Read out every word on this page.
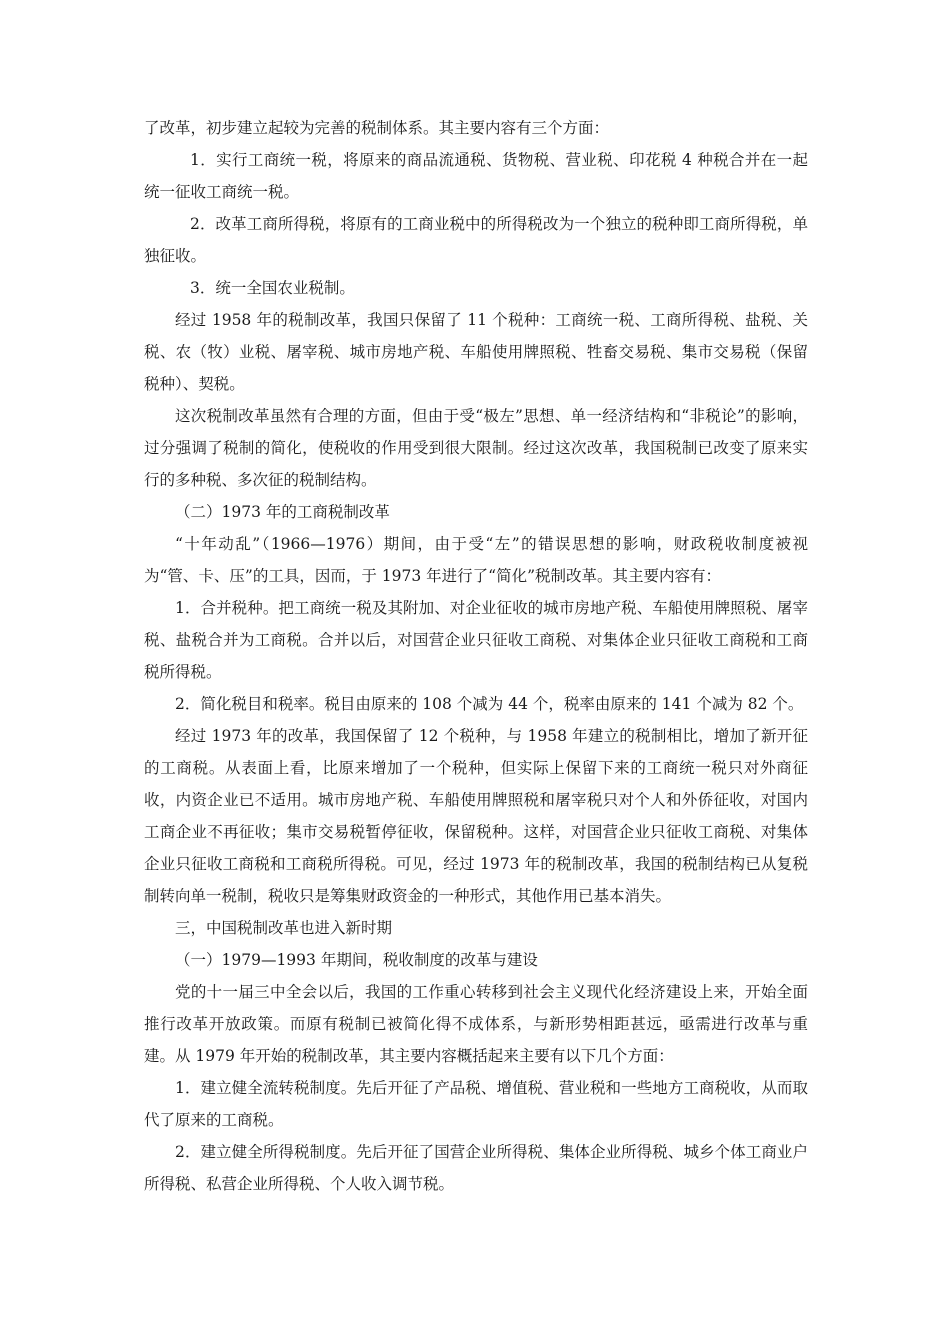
了改革，初步建立起较为完善的税制体系。其主要内容有三个方面：

1．实行工商统一税，将原来的商品流通税、货物税、营业税、印花税 4 种税合并在一起统一征收工商统一税。

2．改革工商所得税，将原有的工商业税中的所得税改为一个独立的税种即工商所得税，单独征收。

3．统一全国农业税制。

经过 1958 年的税制改革，我国只保留了 11 个税种：工商统一税、工商所得税、盐税、关税、农（牧）业税、屠宰税、城市房地产税、车船使用牌照税、牲畜交易税、集市交易税（保留税种）、契税。

这次税制改革虽然有合理的方面，但由于受“极左”思想、单一经济结构和“非税论”的影响，过分强调了税制的简化，使税收的作用受到很大限制。经过这次改革，我国税制已改变了原来实行的多种税、多次征的税制结构。

（二）1973 年的工商税制改革

“十年动乱”（1966—1976）期间，由于受“左”的错误思想的影响，财政税收制度被视为“管、卡、压”的工具，因而，于 1973 年进行了“简化”税制改革。其主要内容有：

1．合并税种。把工商统一税及其附加、对企业征收的城市房地产税、车船使用牌照税、屠宰税、盐税合并为工商税。合并以后，对国营企业只征收工商税、对集体企业只征收工商税和工商税所得税。

2．简化税目和税率。税目由原来的 108 个减为 44 个，税率由原来的 141 个减为 82 个。

经过 1973 年的改革，我国保留了 12 个税种，与 1958 年建立的税制相比，增加了新开征的工商税。从表面上看，比原来增加了一个税种，但实际上保留下来的工商统一税只对外商征收，内资企业已不适用。城市房地产税、车船使用牌照税和屠宰税只对个人和外侨征收，对国内工商企业不再征收；集市交易税暂停征收，保留税种。这样，对国营企业只征收工商税、对集体企业只征收工商税和工商税所得税。可见，经过 1973 年的税制改革，我国的税制结构已从复税制转向单一税制，税收只是筹集财政资金的一种形式，其他作用已基本消失。

三，中国税制改革也进入新时期

（一）1979—1993 年期间，税收制度的改革与建设

党的十一届三中全会以后，我国的工作重心转移到社会主义现代化经济建设上来，开始全面推行改革开放政策。而原有税制已被简化得不成体系，与新形势相距甚远，亟需进行改革与重建。从 1979 年开始的税制改革，其主要内容概括起来主要有以下几个方面：

1．建立健全流转税制度。先后开征了产品税、增值税、营业税和一些地方工商税收，从而取代了原来的工商税。

2．建立健全所得税制度。先后开征了国营企业所得税、集体企业所得税、城乡个体工商业户所得税、私营企业所得税、个人收入调节税。
